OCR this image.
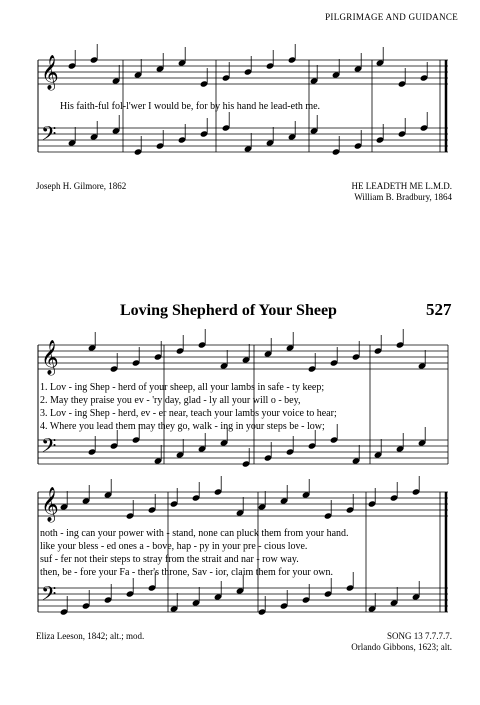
PILGRIMAGE AND GUIDANCE
𝄞
𝄢
𝄞
𝄢
𝄞
𝄢
His faith-ful fol-l'wer I would be, for by his hand he lead-eth me.
Joseph H. Gilmore, 1862	HE LEADETH ME L.M.D.
William B. Bradbury, 1864
Loving Shepherd of Your Sheep	527
1. Lov - ing Shep - herd of your sheep, all your lambs in safe - ty keep;
2. May they praise you ev - 'ry day, glad - ly all your will o - bey,
3. Lov - ing Shep - herd, ev - er near, teach your lambs your voice to hear;
4. Where you lead them may they go, walk - ing in your steps be - low;
noth - ing can your power with - stand, none can pluck them from your hand.
like your bless - ed ones a - bove, hap - py in your pre - cious love.
suf - fer not their steps to stray from the strait and nar - row way.
then, be - fore your Fa - ther's throne, Sav - ior, claim them for your own.
Eliza Leeson, 1842; alt.; mod.	SONG 13 7.7.7.7.
Orlando Gibbons, 1623; alt.
